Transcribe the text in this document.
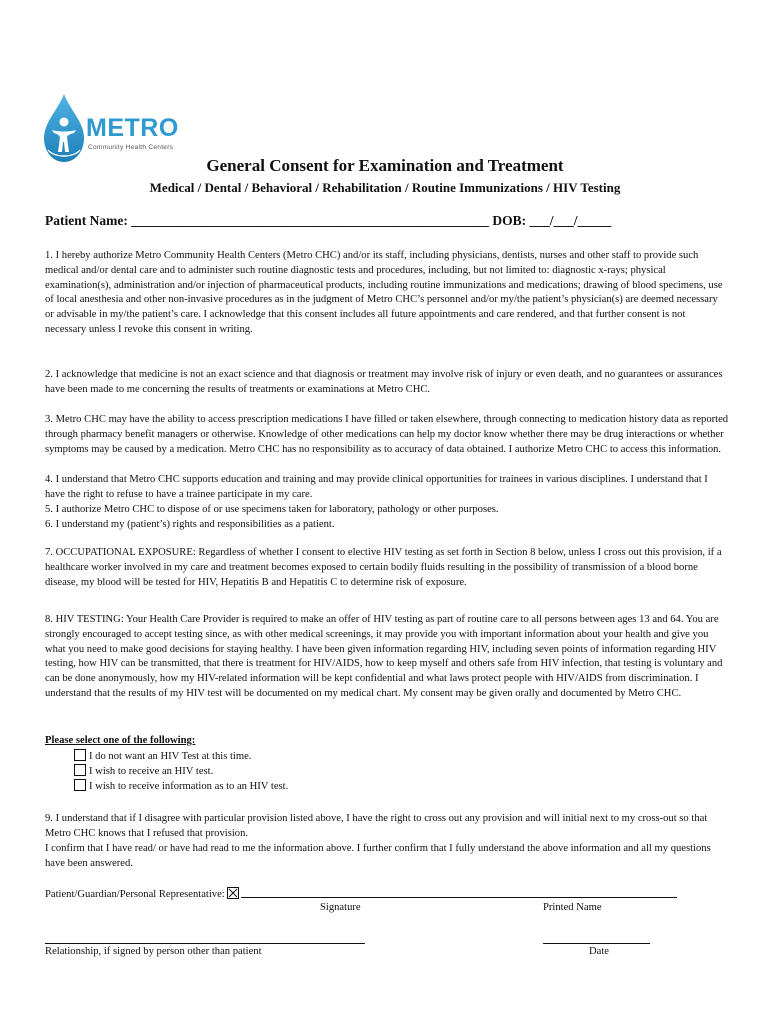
METRO
Community Health Centers
General Consent for Examination and Treatment
Medical / Dental / Behavioral / Rehabilitation / Routine Immunizations / HIV Testing
Patient Name: _____________________________________________________ DOB: ___/___/_____

1. I hereby authorize Metro Community Health Centers (Metro CHC) and/or its staff, including physicians, dentists, nurses and other staff to provide such medical and/or dental care and to administer such routine diagnostic tests and procedures, including, but not limited to: diagnostic x-rays; physical examination(s), administration and/or injection of pharmaceutical products, including routine immunizations and medications; drawing of blood specimens, use of local anesthesia and other non-invasive procedures as in the judgment of Metro CHC’s personnel and/or my/the patient’s physician(s) are deemed necessary or advisable in my/the patient’s care. I acknowledge that this consent includes all future appointments and care rendered, and that further consent is not necessary unless I revoke this consent in writing.

2. I acknowledge that medicine is not an exact science and that diagnosis or treatment may involve risk of injury or even death, and no guarantees or assurances have been made to me concerning the results of treatments or examinations at Metro CHC.

3. Metro CHC may have the ability to access prescription medications I have filled or taken elsewhere, through connecting to medication history data as reported through pharmacy benefit managers or otherwise. Knowledge of other medications can help my doctor know whether there may be drug interactions or whether symptoms may be caused by a medication. Metro CHC has no responsibility as to accuracy of data obtained. I authorize Metro CHC to access this information.

4. I understand that Metro CHC supports education and training and may provide clinical opportunities for trainees in various disciplines. I understand that I have the right to refuse to have a trainee participate in my care.

5. I authorize Metro CHC to dispose of or use specimens taken for laboratory, pathology or other purposes.

6. I understand my (patient’s) rights and responsibilities as a patient.

7. OCCUPATIONAL EXPOSURE: Regardless of whether I consent to elective HIV testing as set forth in Section 8 below, unless I cross out this provision, if a healthcare worker involved in my care and treatment becomes exposed to certain bodily fluids resulting in the possibility of transmission of a blood borne disease, my blood will be tested for HIV, Hepatitis B and Hepatitis C to determine risk of exposure.

8. HIV TESTING: Your Health Care Provider is required to make an offer of HIV testing as part of routine care to all persons between ages 13 and 64. You are strongly encouraged to accept testing since, as with other medical screenings, it may provide you with important information about your health and give you what you need to make good decisions for staying healthy. I have been given information regarding HIV, including seven points of information regarding HIV testing, how HIV can be transmitted, that there is treatment for HIV/AIDS, how to keep myself and others safe from HIV infection, that testing is voluntary and can be done anonymously, how my HIV-related information will be kept confidential and what laws protect people with HIV/AIDS from discrimination. I understand that the results of my HIV test will be documented on my medical chart. My consent may be given orally and documented by Metro CHC.

Please select one of the following:
I do not want an HIV Test at this time.
I wish to receive an HIV test.
I wish to receive information as to an HIV test.

9. I understand that if I disagree with particular provision listed above, I have the right to cross out any provision and will initial next to my cross-out so that Metro CHC knows that I refused that provision.

I confirm that I have read/ or have had read to me the information above. I further confirm that I fully understand the above information and all my questions have been answered.

Patient/Guardian/Personal Representative:
Signature	Printed Name
Relationship, if signed by person other than patient	Date
